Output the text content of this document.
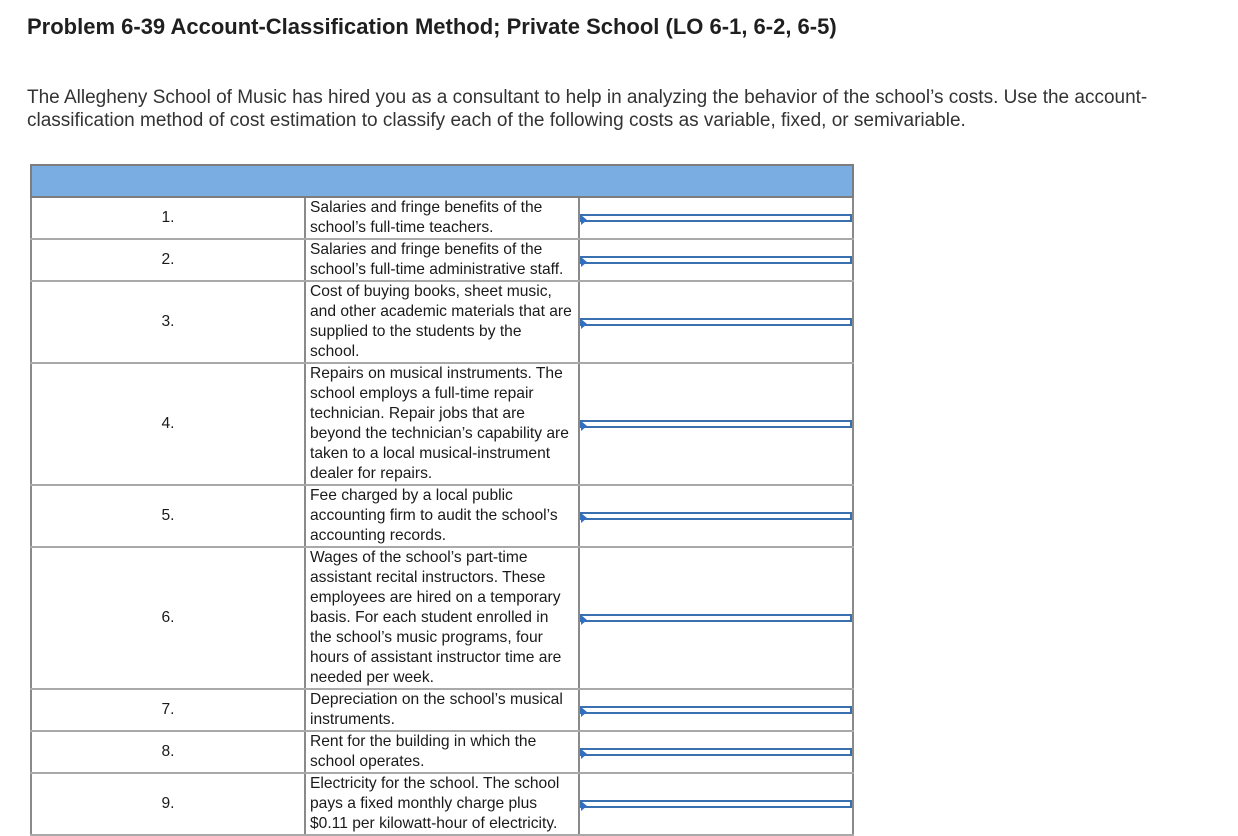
Problem 6-39 Account-Classification Method; Private School (LO 6-1, 6-2, 6-5)
The Allegheny School of Music has hired you as a consultant to help in analyzing the behavior of the school’s costs. Use the account-classification method of cost estimation to classify each of the following costs as variable, fixed, or semivariable.

1.	Salaries and fringe benefits of the school’s full-time teachers.	

2.	Salaries and fringe benefits of the school’s full-time administrative staff.	

3.	Cost of buying books, sheet music, and other academic materials that are supplied to the students by the school.	

4.	Repairs on musical instruments. The school employs a full-time repair technician. Repair jobs that are beyond the technician’s capability are taken to a local musical-instrument dealer for repairs.	

5.	Fee charged by a local public accounting firm to audit the school’s accounting records.	

6.	Wages of the school’s part-time assistant recital instructors. These employees are hired on a temporary basis. For each student enrolled in the school’s music programs, four hours of assistant instructor time are needed per week.	

7.	Depreciation on the school’s musical instruments.	

8.	Rent for the building in which the school operates.	

9.	Electricity for the school. The school pays a fixed monthly charge plus $0.11 per kilowatt-hour of electricity.	
